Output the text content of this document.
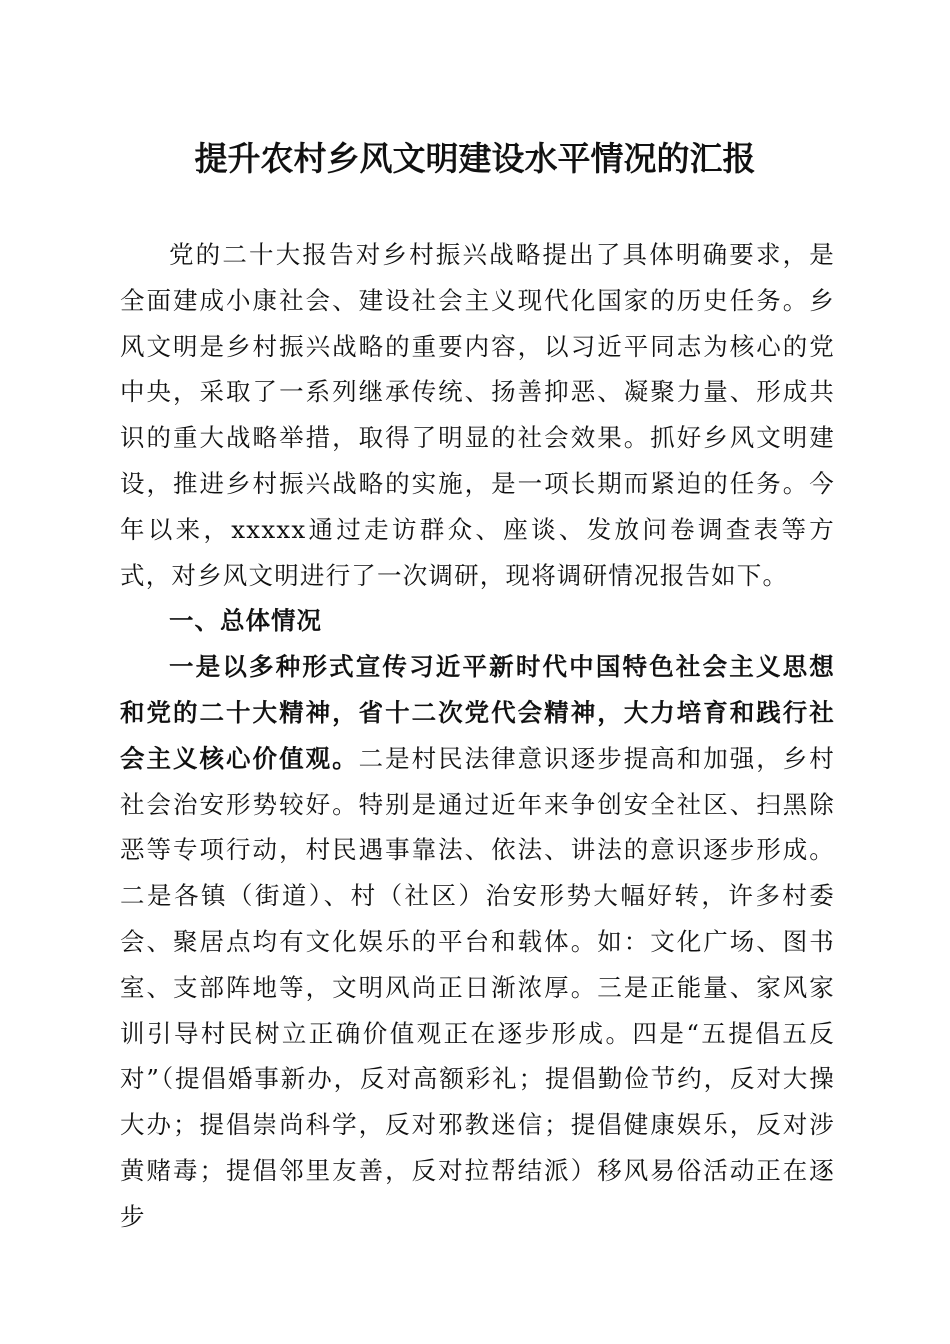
提升农村乡风文明建设水平情况的汇报

党的二十大报告对乡村振兴战略提出了具体明确要求，是全面建成小康社会、建设社会主义现代化国家的历史任务。乡风文明是乡村振兴战略的重要内容，以习近平同志为核心的党中央，采取了一系列继承传统、扬善抑恶、凝聚力量、形成共识的重大战略举措，取得了明显的社会效果。抓好乡风文明建设，推进乡村振兴战略的实施，是一项长期而紧迫的任务。今年以来，xxxxx通过走访群众、座谈、发放问卷调查表等方式，对乡风文明进行了一次调研，现将调研情况报告如下。

一、总体情况

一是以多种形式宣传习近平新时代中国特色社会主义思想和党的二十大精神，省十二次党代会精神，大力培育和践行社会主义核心价值观。二是村民法律意识逐步提高和加强，乡村社会治安形势较好。特别是通过近年来争创安全社区、扫黑除恶等专项行动，村民遇事靠法、依法、讲法的意识逐步形成。二是各镇（街道）、村（社区）治安形势大幅好转，许多村委会、聚居点均有文化娱乐的平台和载体。如：文化广场、图书室、支部阵地等，文明风尚正日渐浓厚。三是正能量、家风家训引导村民树立正确价值观正在逐步形成。四是“五提倡五反对”（提倡婚事新办，反对高额彩礼；提倡勤俭节约，反对大操大办；提倡崇尚科学，反对邪教迷信；提倡健康娱乐，反对涉黄赌毒；提倡邻里友善，反对拉帮结派）移风易俗活动正在逐步
